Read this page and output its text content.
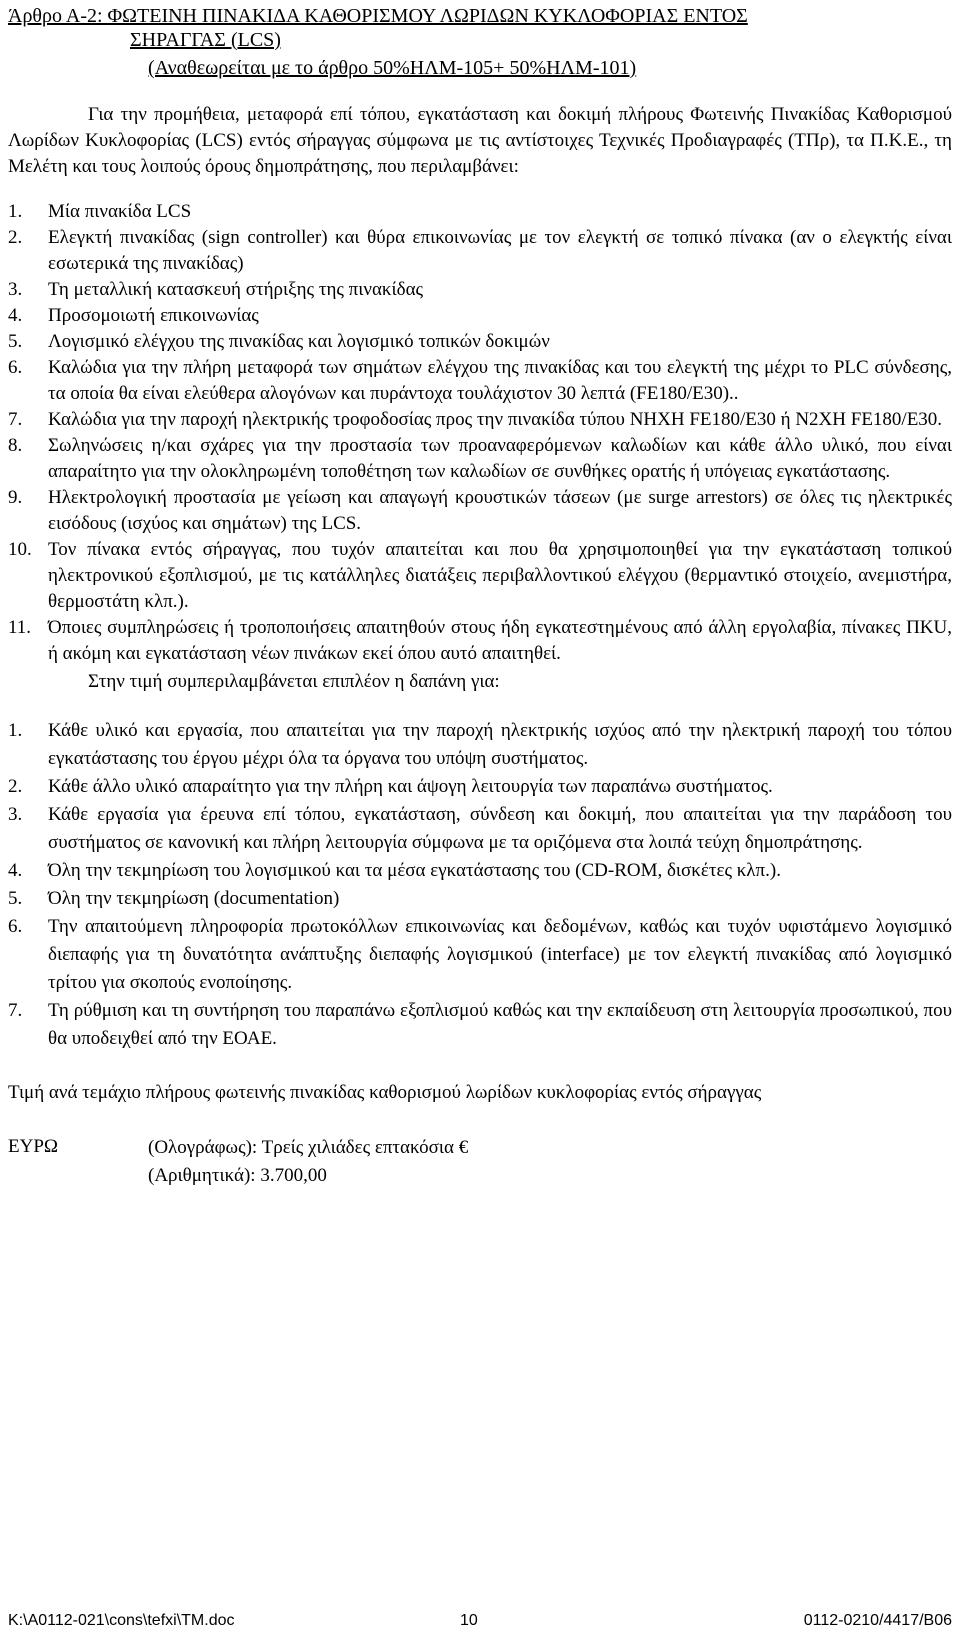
Άρθρο Α-2: ΦΩΤΕΙΝΗ ΠΙΝΑΚΙΔΑ ΚΑΘΟΡΙΣΜΟΥ ΛΩΡΙΔΩΝ ΚΥΚΛΟΦΟΡΙΑΣ ΕΝΤΟΣ

ΣΗΡΑΓΓΑΣ (LCS)

(Αναθεωρείται με το άρθρο 50%ΗΛΜ-105+ 50%ΗΛΜ-101)

Για την προμήθεια, μεταφορά επί τόπου, εγκατάσταση και δοκιμή πλήρους Φωτεινής Πινακίδας Καθορισμού Λωρίδων Κυκλοφορίας (LCS) εντός σήραγγας σύμφωνα με τις αντίστοιχες Τεχνικές Προδιαγραφές (ΤΠρ), τα Π.Κ.Ε., τη Μελέτη και τους λοιπούς όρους δημοπράτησης, που περιλαμβάνει:

1. Μία πινακίδα LCS
2. Ελεγκτή πινακίδας (sign controller) και θύρα επικοινωνίας με τον ελεγκτή σε τοπικό πίνακα (αν ο ελεγκτής είναι εσωτερικά της πινακίδας)
3. Τη μεταλλική κατασκευή στήριξης της πινακίδας
4. Προσομοιωτή επικοινωνίας
5. Λογισμικό ελέγχου της πινακίδας και λογισμικό τοπικών δοκιμών
6. Καλώδια για την πλήρη μεταφορά των σημάτων ελέγχου της πινακίδας και του ελεγκτή της μέχρι το PLC σύνδεσης, τα οποία θα είναι ελεύθερα αλογόνων και πυράντοχα τουλάχιστον 30 λεπτά (FE180/E30)..
7. Καλώδια για την παροχή ηλεκτρικής τροφοδοσίας προς την πινακίδα τύπου NHXH FE180/E30 ή N2XH FE180/E30.
8. Σωληνώσεις η/και σχάρες για την προστασία των προαναφερόμενων καλωδίων και κάθε άλλο υλικό, που είναι απαραίτητο για την ολοκληρωμένη τοποθέτηση των καλωδίων σε συνθήκες ορατής ή υπόγειας εγκατάστασης.
9. Ηλεκτρολογική προστασία με γείωση και απαγωγή κρουστικών τάσεων (με surge arrestors) σε όλες τις ηλεκτρικές εισόδους (ισχύος και σημάτων) της LCS.
10. Τον πίνακα εντός σήραγγας, που τυχόν απαιτείται και που θα χρησιμοποιηθεί για την εγκατάσταση τοπικού ηλεκτρονικού εξοπλισμού, με τις κατάλληλες διατάξεις περιβαλλοντικού ελέγχου (θερμαντικό στοιχείο, ανεμιστήρα, θερμοστάτη κλπ.).
11. Όποιες συμπληρώσεις ή τροποποιήσεις απαιτηθούν στους ήδη εγκατεστημένους από άλλη εργολαβία, πίνακες ΠΚU, ή ακόμη και εγκατάσταση νέων πινάκων εκεί όπου αυτό απαιτηθεί.
Στην τιμή συμπεριλαμβάνεται επιπλέον η δαπάνη για:
1. Κάθε υλικό και εργασία, που απαιτείται για την παροχή ηλεκτρικής ισχύος από την ηλεκτρική παροχή του τόπου εγκατάστασης του έργου μέχρι όλα τα όργανα του υπόψη συστήματος.
2. Κάθε άλλο υλικό απαραίτητο για την πλήρη και άψογη λειτουργία των παραπάνω συστήματος.
3. Κάθε εργασία για έρευνα επί τόπου, εγκατάσταση, σύνδεση και δοκιμή, που απαιτείται για την παράδοση του συστήματος σε κανονική και πλήρη λειτουργία σύμφωνα με τα οριζόμενα στα λοιπά τεύχη δημοπράτησης.
4. Όλη την τεκμηρίωση του λογισμικού και τα μέσα εγκατάστασης του (CD-ROM, δισκέτες κλπ.).
5. Όλη την τεκμηρίωση (documentation)
6. Την απαιτούμενη πληροφορία πρωτοκόλλων επικοινωνίας και δεδομένων, καθώς και τυχόν υφιστάμενο λογισμικό διεπαφής για τη δυνατότητα ανάπτυξης διεπαφής λογισμικού (interface) με τον ελεγκτή πινακίδας από λογισμικό τρίτου για σκοπούς ενοποίησης.
7. Τη ρύθμιση και τη συντήρηση του παραπάνω εξοπλισμού καθώς και την εκπαίδευση στη λειτουργία προσωπικού, που θα υποδειχθεί από την ΕΟΑΕ.

Τιμή ανά τεμάχιο πλήρους φωτεινής πινακίδας καθορισμού λωρίδων κυκλοφορίας εντός σήραγγας

ΕΥΡΩ	(Ολογράφως): Τρείς χιλιάδες επτακόσια €
(Αριθμητικά): 3.700,00
K:\A0112-021\cons\tefxi\TM.doc	10	0112-0210/4417/B06
